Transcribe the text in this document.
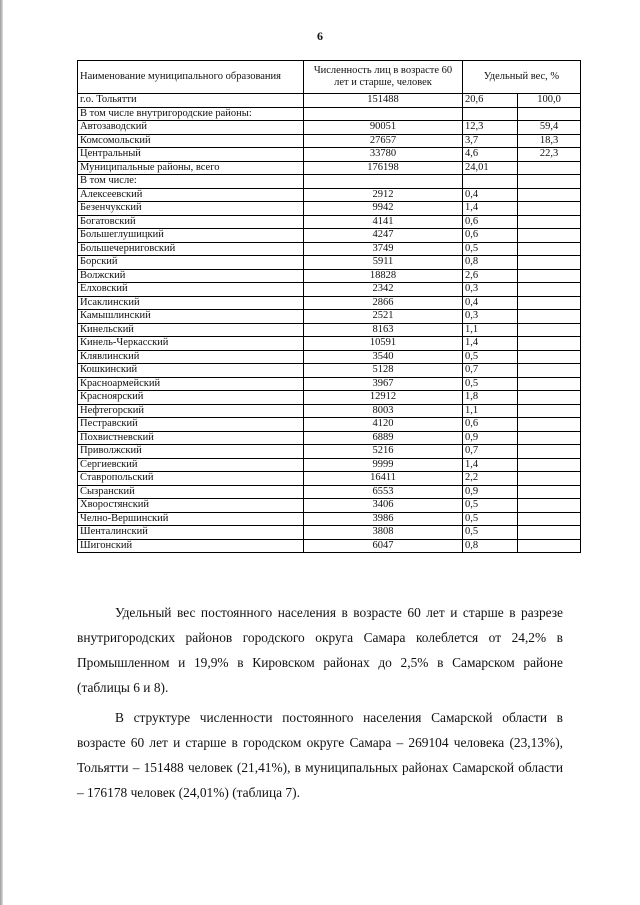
6
Наименование муниципального образования	Численность лиц в возрасте 60 лет и старше, человек	Удельный вес, %	
г.о. Тольятти	151488	20,6	100,0
В том числе внутригородские районы:			
Автозаводский	90051	12,3	59,4
Комсомольский	27657	3,7	18,3
Центральный	33780	4,6	22,3
Муниципальные районы, всего	176198	24,01	
В том числе:			
Алексеевский	2912	0,4	
Безенчукский	9942	1,4	
Богатовский	4141	0,6	
Большеглушицкий	4247	0,6	
Большечерниговский	3749	0,5	
Борский	5911	0,8	
Волжский	18828	2,6	
Елховский	2342	0,3	
Исаклинский	2866	0,4	
Камышлинский	2521	0,3	
Кинельский	8163	1,1	
Кинель-Черкасский	10591	1,4	
Клявлинский	3540	0,5	
Кошкинский	5128	0,7	
Красноармейский	3967	0,5	
Красноярский	12912	1,8	
Нефтегорский	8003	1,1	
Пестравский	4120	0,6	
Похвистневский	6889	0,9	
Приволжский	5216	0,7	
Сергиевский	9999	1,4	
Ставропольский	16411	2,2	
Сызранский	6553	0,9	
Хворостянский	3406	0,5	
Челно-Вершинский	3986	0,5	
Шенталинский	3808	0,5	
Шигонский	6047	0,8	

Удельный вес постоянного населения в возрасте 60 лет и старше в разрезе внутригородских районов городского округа Самара колеблется от 24,2% в Промышленном и 19,9% в Кировском районах до 2,5% в Самарском районе (таблицы 6 и 8).

В структуре численности постоянного населения Самарской области в возрасте 60 лет и старше в городском округе Самара – 269104 человека (23,13%), Тольятти – 151488 человек (21,41%), в муниципальных районах Самарской области – 176178 человек (24,01%) (таблица 7).
